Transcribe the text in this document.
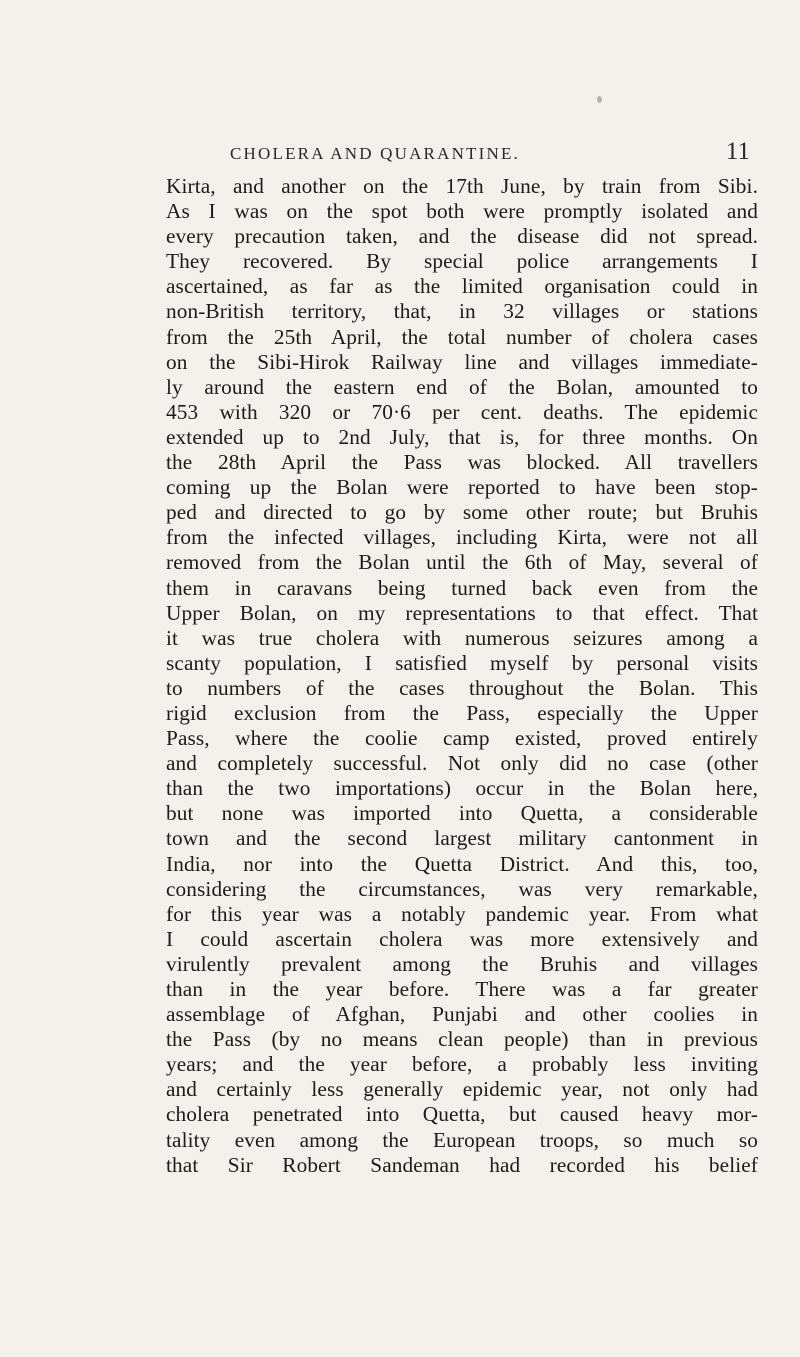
CHOLERA AND QUARANTINE.	11
Kirta, and another on the 17th June, by train from Sibi.
As I was on the spot both were promptly isolated and
every precaution taken, and the disease did not spread.
They recovered. By special police arrangements I
ascertained, as far as the limited organisation could in
non-British territory, that, in 32 villages or stations
from the 25th April, the total number of cholera cases
on the Sibi-Hirok Railway line and villages immediate-
ly around the eastern end of the Bolan, amounted to
453 with 320 or 70·6 per cent. deaths. The epidemic
extended up to 2nd July, that is, for three months. On
the 28th April the Pass was blocked. All travellers
coming up the Bolan were reported to have been stop-
ped and directed to go by some other route; but Bruhis
from the infected villages, including Kirta, were not all
removed from the Bolan until the 6th of May, several of
them in caravans being turned back even from the
Upper Bolan, on my representations to that effect. That
it was true cholera with numerous seizures among a
scanty population, I satisfied myself by personal visits
to numbers of the cases throughout the Bolan. This
rigid exclusion from the Pass, especially the Upper
Pass, where the coolie camp existed, proved entirely
and completely successful. Not only did no case (other
than the two importations) occur in the Bolan here,
but none was imported into Quetta, a considerable
town and the second largest military cantonment in
India, nor into the Quetta District. And this, too,
considering the circumstances, was very remarkable,
for this year was a notably pandemic year. From what
I could ascertain cholera was more extensively and
virulently prevalent among the Bruhis and villages
than in the year before. There was a far greater
assemblage of Afghan, Punjabi and other coolies in
the Pass (by no means clean people) than in previous
years; and the year before, a probably less inviting
and certainly less generally epidemic year, not only had
cholera penetrated into Quetta, but caused heavy mor-
tality even among the European troops, so much so
that Sir Robert Sandeman had recorded his belief
